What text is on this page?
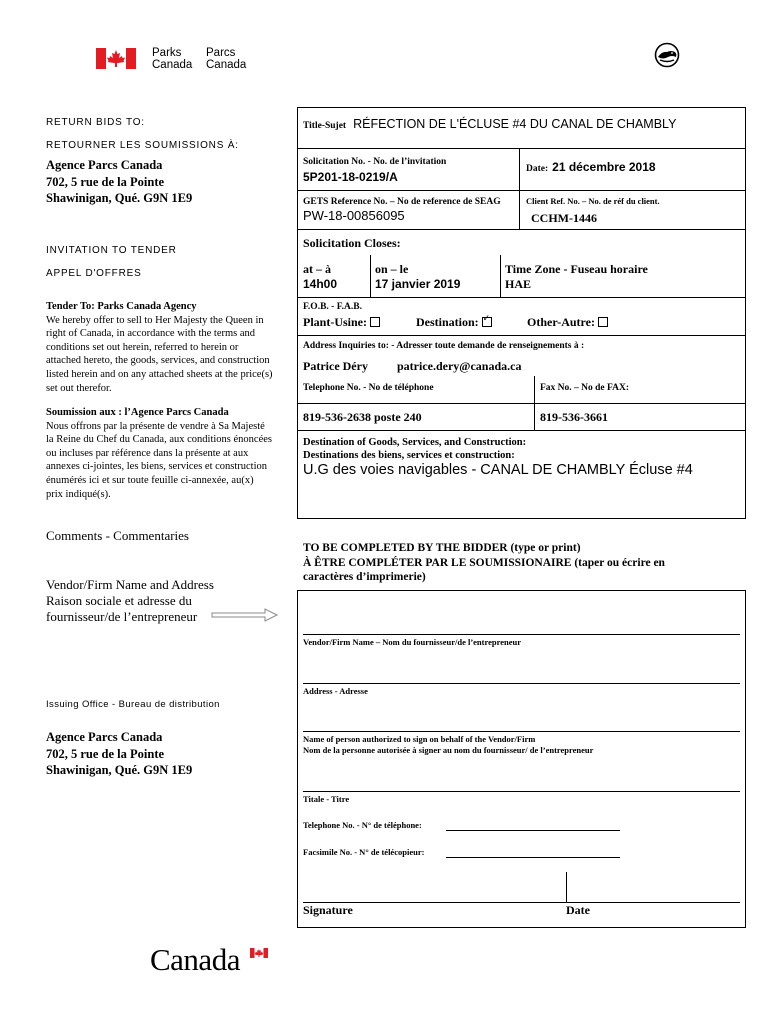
Parks
Canada
Parcs
Canada
RETURN BIDS TO:
RETOURNER LES SOUMISSIONS À:
Agence Parcs Canada
702, 5 rue de la Pointe
Shawinigan, Qué. G9N 1E9
INVITATION TO TENDER
APPEL D'OFFRES
Tender To: Parks Canada Agency
We hereby offer to sell to Her Majesty the Queen in
right of Canada, in accordance with the terms and
conditions set out herein, referred to herein or
attached hereto, the goods, services, and construction
listed herein and on any attached sheets at the price(s)
set out therefor.
Soumission aux : l’Agence Parcs Canada
Nous offrons par la présente de vendre à Sa Majesté
la Reine du Chef du Canada, aux conditions énoncées
ou incluses par référence dans la présente at aux
annexes ci-jointes, les biens, services et construction
énumérés ici et sur toute feuille ci-annexée, au(x)
prix indiqué(s).
Comments - Commentaries
Vendor/Firm Name and Address
Raison sociale et adresse du
fournisseur/de l’entrepreneur
Issuing Office - Bureau de distribution
Agence Parcs Canada
702, 5 rue de la Pointe
Shawinigan, Qué. G9N 1E9
Title-Sujet RÉFECTION DE L'ÉCLUSE #4 DU CANAL DE CHAMBLY
Solicitation No. - No. de l’invitation
5P201-18-0219/A
Date: 21 décembre 2018
GETS Reference No. – No de reference de SEAG
PW-18-00856095
Client Ref. No. – No. de réf du client.
CCHM-1446
Solicitation Closes:
at – à
14h00
on – le
17 janvier 2019
Time Zone - Fuseau horaire
HAE
F.O.B. - F.A.B.
Plant-Usine:	Destination:✓	Other-Autre:
Address Inquiries to: - Adresser toute demande de renseignements à :
Patrice Déry patrice.dery@canada.ca
Telephone No. - No de téléphone	Fax No. – No de FAX:
819-536-2638 poste 240	819-536-3661
Destination of Goods, Services, and Construction:
Destinations des biens, services et construction:
U.G des voies navigables - CANAL DE CHAMBLY Écluse #4
TO BE COMPLETED BY THE BIDDER (type or print)
À ÊTRE COMPLÉTER PAR LE SOUMISSIONAIRE (taper ou écrire en
caractères d’imprimerie)
Vendor/Firm Name – Nom du fournisseur/de l’entrepreneur
Address - Adresse
Name of person authorized to sign on behalf of the Vendor/Firm
Nom de la personne autorisée à signer au nom du fournisseur/ de l’entrepreneur
Titale - Titre
Telephone No. - N° de téléphone:
Facsimile No. - N° de télécopieur:
Signature	Date
Canada
